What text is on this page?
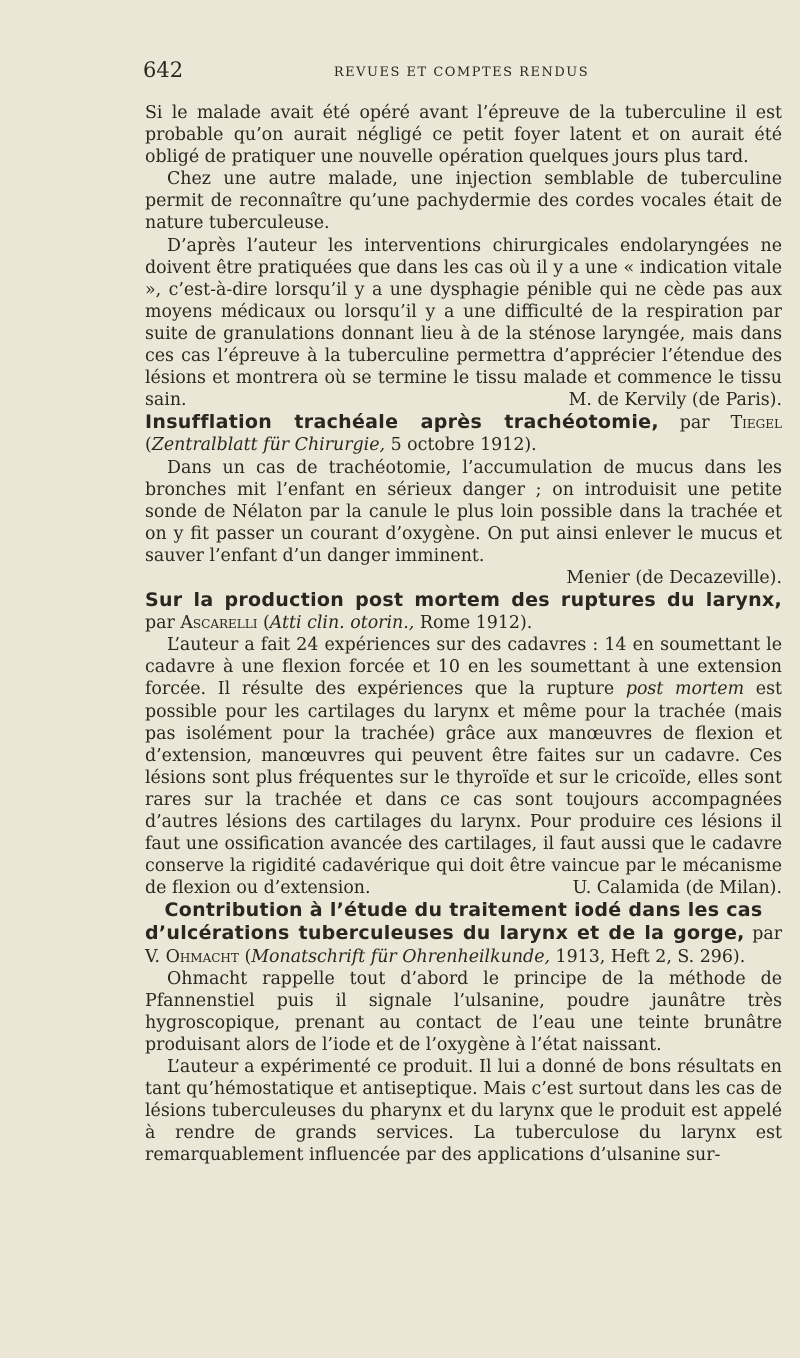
642	REVUES ET COMPTES RENDUS

Si le malade avait été opéré avant l’épreuve de la tuberculine il est probable qu’on aurait négligé ce petit foyer latent et on aurait été obligé de pratiquer une nouvelle opération quelques jours plus tard.

Chez une autre malade, une injection semblable de tuberculine permit de reconnaître qu’une pachydermie des cordes vocales était de nature tuberculeuse.

D’après l’auteur les interventions chirurgicales endolaryngées ne doivent être pratiquées que dans les cas où il y a une « indication vitale », c’est-à-dire lorsqu’il y a une dysphagie pénible qui ne cède pas aux moyens médicaux ou lorsqu’il y a une difficulté de la respiration par suite de granulations donnant lieu à de la sténose laryngée, mais dans ces cas l’épreuve à la tuberculine permettra d’apprécier l’étendue des lésions et montrera où se termine le tissu malade et commence le tissu sain.	M. de Kervily (de Paris).

Insufflation trachéale après trachéotomie, par Tiegel (Zentralblatt für Chirurgie, 5 octobre 1912).

Dans un cas de trachéotomie, l’accumulation de mucus dans les bronches mit l’enfant en sérieux danger ; on introduisit une petite sonde de Nélaton par la canule le plus loin possible dans la trachée et on y fit passer un courant d’oxygène. On put ainsi enlever le mucus et sauver l’enfant d’un danger imminent.

Menier (de Decazeville).

Sur la production post mortem des ruptures du larynx, par Ascarelli (Atti clin. otorin., Rome 1912).

L’auteur a fait 24 expériences sur des cadavres : 14 en soumettant le cadavre à une flexion forcée et 10 en les soumettant à une extension forcée. Il résulte des expériences que la rupture post mortem est possible pour les cartilages du larynx et même pour la trachée (mais pas isolément pour la trachée) grâce aux manœuvres de flexion et d’extension, manœuvres qui peuvent être faites sur un cadavre. Ces lésions sont plus fréquentes sur le thyroïde et sur le cricoïde, elles sont rares sur la trachée et dans ce cas sont toujours accompagnées d’autres lésions des cartilages du larynx. Pour produire ces lésions il faut une ossification avancée des cartilages, il faut aussi que le cadavre conserve la rigidité cadavérique qui doit être vaincue par le mécanisme de flexion ou d’extension.	U. Calamida (de Milan).

Contribution à l’étude du traitement iodé dans les cas

d’ulcérations tuberculeuses du larynx et de la gorge, par V. Ohmacht (Monatschrift für Ohrenheilkunde, 1913, Heft 2, S. 296).

Ohmacht rappelle tout d’abord le principe de la méthode de Pfannenstiel puis il signale l’ulsanine, poudre jaunâtre très hygroscopique, prenant au contact de l’eau une teinte brunâtre produisant alors de l’iode et de l’oxygène à l’état naissant.

L’auteur a expérimenté ce produit. Il lui a donné de bons résultats en tant qu’hémostatique et antiseptique. Mais c’est surtout dans les cas de lésions tuberculeuses du pharynx et du larynx que le produit est appelé à rendre de grands services. La tuberculose du larynx est remarquablement influencée par des applications d’ulsanine sur-
